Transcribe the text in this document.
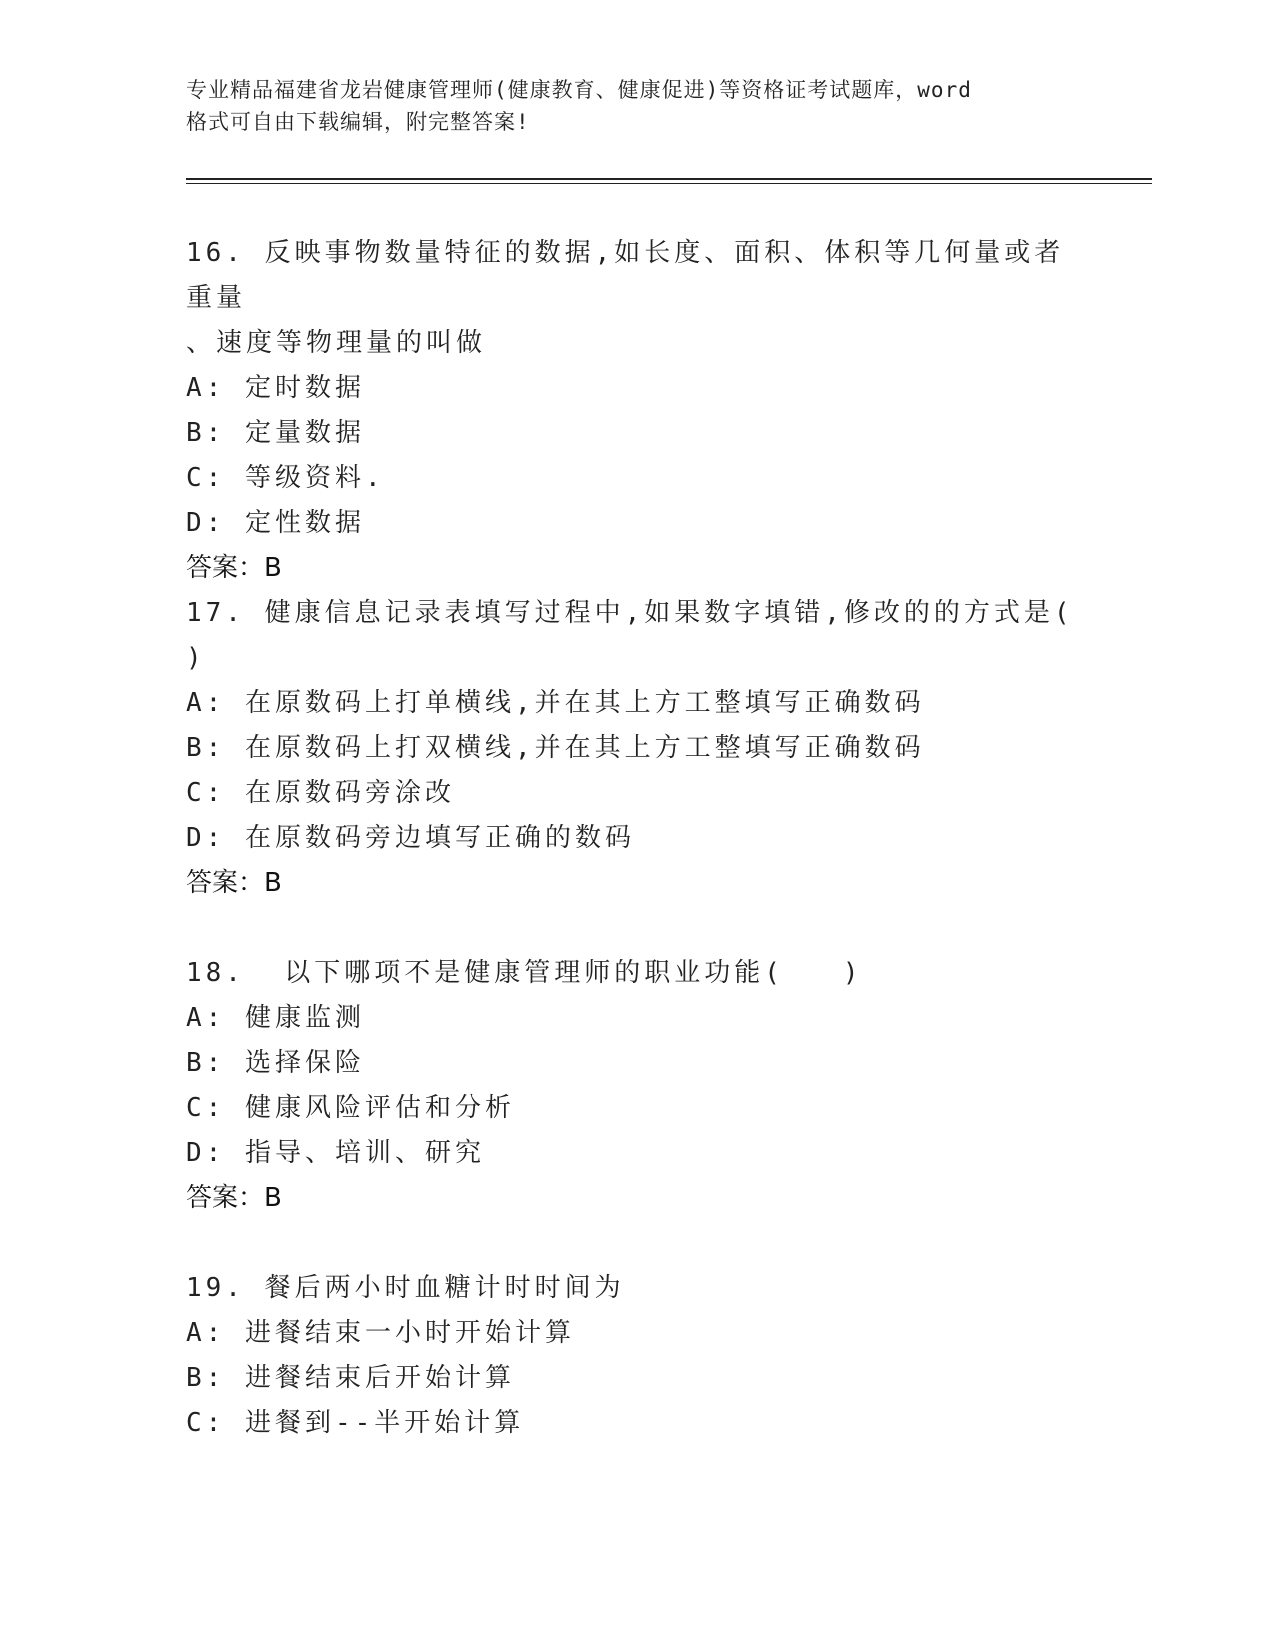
专业精品福建省龙岩健康管理师(健康教育、健康促进)等资格证考试题库，word
格式可自由下载编辑，附完整答案!

16. 反映事物数量特征的数据,如长度、面积、体积等几何量或者重量

、速度等物理量的叫做

A: 定时数据

B: 定量数据

C: 等级资料.

D: 定性数据

答案：B

17. 健康信息记录表填写过程中,如果数字填错,修改的的方式是(

)

A: 在原数码上打单横线,并在其上方工整填写正确数码

B: 在原数码上打双横线,并在其上方工整填写正确数码

C: 在原数码旁涂改

D: 在原数码旁边填写正确的数码

答案：B

18.  以下哪项不是健康管理师的职业功能(   )

A: 健康监测

B: 选择保险

C: 健康风险评估和分析

D: 指导、培训、研究

答案：B

19. 餐后两小时血糖计时时间为

A: 进餐结束一小时开始计算

B: 进餐结束后开始计算

C: 进餐到--半开始计算
